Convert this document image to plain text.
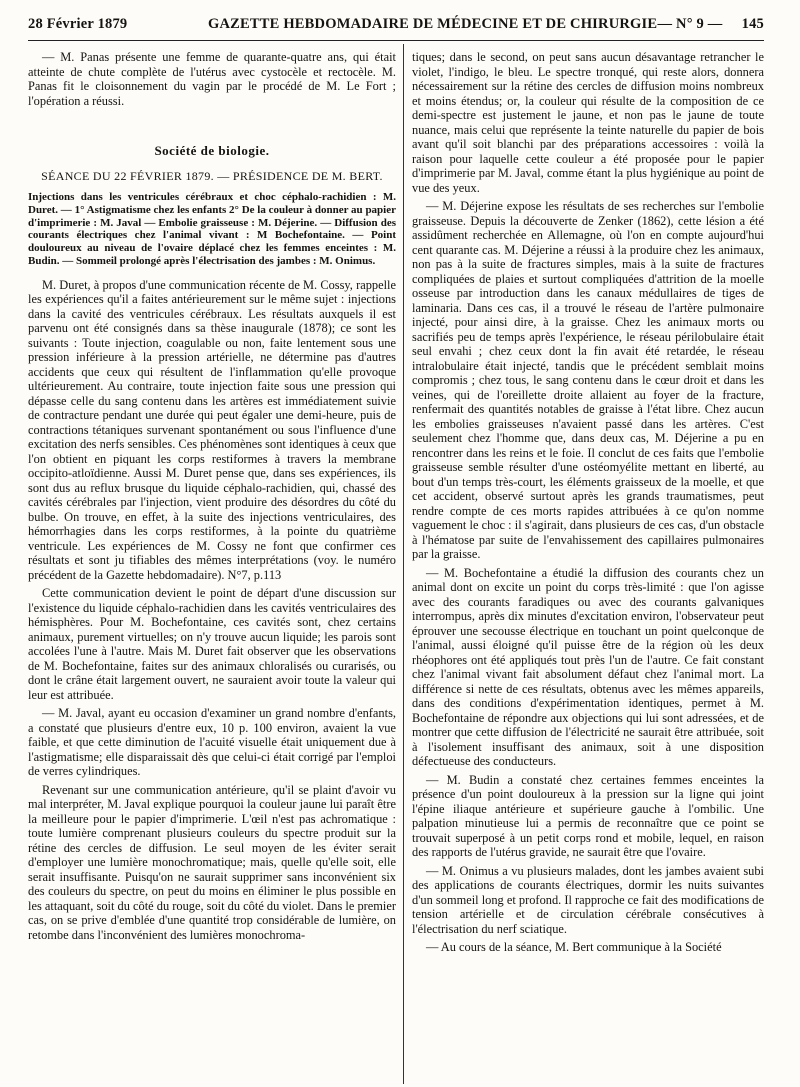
28 Février 1879	GAZETTE HEBDOMADAIRE DE MÉDECINE ET DE CHIRURGIE — N° 9 — 145

— M. Panas présente une femme de quarante-quatre ans, qui était atteinte de chute complète de l'utérus avec cystocèle et rectocèle. M. Panas fit le cloisonnement du vagin par le procédé de M. Le Fort ; l'opération a réussi.

Société de biologie.

SÉANCE DU 22 FÉVRIER 1879. — PRÉSIDENCE DE M. BERT.

Injections dans les ventricules cérébraux et choc céphalo-rachidien : M. Duret. — 1° Astigmatisme chez les enfants 2° De la couleur à donner au papier d'imprimerie : M. Javal — Embolie graisseuse : M. Déjerine. — Diffusion des courants électriques chez l'animal vivant : M Bochefontaine. — Point douloureux au niveau de l'ovaire déplacé chez les femmes enceintes : M. Budin. — Sommeil prolongé après l'électrisation des jambes : M. Onimus.

M. Duret, à propos d'une communication récente de M. Cossy, rappelle les expériences qu'il a faites antérieurement sur le même sujet : injections dans la cavité des ventricules cérébraux. Les résultats auxquels il est parvenu ont été consignés dans sa thèse inaugurale (1878); ce sont les suivants : Toute injection, coagulable ou non, faite lentement sous une pression inférieure à la pression artérielle, ne détermine pas d'autres accidents que ceux qui résultent de l'inflammation qu'elle provoque ultérieurement. Au contraire, toute injection faite sous une pression qui dépasse celle du sang contenu dans les artères est immédiatement suivie de contracture pendant une durée qui peut égaler une demi-heure, puis de contractions tétaniques survenant spontanément ou sous l'influence d'une excitation des nerfs sensibles. Ces phénomènes sont identiques à ceux que l'on obtient en piquant les corps restiformes à travers la membrane occipito-atloïdienne. Aussi M. Duret pense que, dans ses expériences, ils sont dus au reflux brusque du liquide céphalo-rachidien, qui, chassé des cavités cérébrales par l'injection, vient produire des désordres du côté du bulbe. On trouve, en effet, à la suite des injections ventriculaires, des hémorrhagies dans les corps restiformes, à la pointe du quatrième ventricule. Les expériences de M. Cossy ne font que confirmer ces résultats et sont ju tifiables des mêmes interprétations (voy. le numéro précédent de la Gazette hebdomadaire). N°7, p.113

Cette communication devient le point de départ d'une discussion sur l'existence du liquide céphalo-rachidien dans les cavités ventriculaires des hémisphères. Pour M. Bochefontaine, ces cavités sont, chez certains animaux, purement virtuelles; on n'y trouve aucun liquide; les parois sont accolées l'une à l'autre. Mais M. Duret fait observer que les observations de M. Bochefontaine, faites sur des animaux chloralisés ou curarisés, ou dont le crâne était largement ouvert, ne sauraient avoir toute la valeur qui leur est attribuée.

— M. Javal, ayant eu occasion d'examiner un grand nombre d'enfants, a constaté que plusieurs d'entre eux, 10 p. 100 environ, avaient la vue faible, et que cette diminution de l'acuité visuelle était uniquement due à l'astigmatisme; elle disparaissait dès que celui-ci était corrigé par l'emploi de verres cylindriques.

Revenant sur une communication antérieure, qu'il se plaint d'avoir vu mal interpréter, M. Javal explique pourquoi la couleur jaune lui paraît être la meilleure pour le papier d'imprimerie. L'œil n'est pas achromatique : toute lumière comprenant plusieurs couleurs du spectre produit sur la rétine des cercles de diffusion. Le seul moyen de les éviter serait d'employer une lumière monochromatique; mais, quelle qu'elle soit, elle serait insuffisante. Puisqu'on ne saurait supprimer sans inconvénient six des couleurs du spectre, on peut du moins en éliminer le plus possible en les attaquant, soit du côté du rouge, soit du côté du violet. Dans le premier cas, on se prive d'emblée d'une quantité trop considérable de lumière, on retombe dans l'inconvénient des lumières monochroma-

tiques; dans le second, on peut sans aucun désavantage retrancher le violet, l'indigo, le bleu. Le spectre tronqué, qui reste alors, donnera nécessairement sur la rétine des cercles de diffusion moins nombreux et moins étendus; or, la couleur qui résulte de la composition de ce demi-spectre est justement le jaune, et non pas le jaune de toute nuance, mais celui que représente la teinte naturelle du papier de bois avant qu'il soit blanchi par des préparations accessoires : voilà la raison pour laquelle cette couleur a été proposée pour le papier d'imprimerie par M. Javal, comme étant la plus hygiénique au point de vue des yeux.

— M. Déjerine expose les résultats de ses recherches sur l'embolie graisseuse. Depuis la découverte de Zenker (1862), cette lésion a été assidûment recherchée en Allemagne, où l'on en compte aujourd'hui cent quarante cas. M. Déjerine a réussi à la produire chez les animaux, non pas à la suite de fractures simples, mais à la suite de fractures compliquées de plaies et surtout compliquées d'attrition de la moelle osseuse par introduction dans les canaux médullaires de tiges de laminaria. Dans ces cas, il a trouvé le réseau de l'artère pulmonaire injecté, pour ainsi dire, à la graisse. Chez les animaux morts ou sacrifiés peu de temps après l'expérience, le réseau périlobulaire était seul envahi ; chez ceux dont la fin avait été retardée, le réseau intralobulaire était injecté, tandis que le précédent semblait moins compromis ; chez tous, le sang contenu dans le cœur droit et dans les veines, qui de l'oreillette droite allaient au foyer de la fracture, renfermait des quantités notables de graisse à l'état libre. Chez aucun les embolies graisseuses n'avaient passé dans les artères. C'est seulement chez l'homme que, dans deux cas, M. Déjerine a pu en rencontrer dans les reins et le foie. Il conclut de ces faits que l'embolie graisseuse semble résulter d'une ostéomyélite mettant en liberté, au bout d'un temps très-court, les éléments graisseux de la moelle, et que cet accident, observé surtout après les grands traumatismes, peut rendre compte de ces morts rapides attribuées à ce qu'on nomme vaguement le choc : il s'agirait, dans plusieurs de ces cas, d'un obstacle à l'hématose par suite de l'envahissement des capillaires pulmonaires par la graisse.

— M. Bochefontaine a étudié la diffusion des courants chez un animal dont on excite un point du corps très-limité : que l'on agisse avec des courants faradiques ou avec des courants galvaniques interrompus, après dix minutes d'excitation environ, l'observateur peut éprouver une secousse électrique en touchant un point quelconque de l'animal, aussi éloigné qu'il puisse être de la région où les deux rhéophores ont été appliqués tout près l'un de l'autre. Ce fait constant chez l'animal vivant fait absolument défaut chez l'animal mort. La différence si nette de ces résultats, obtenus avec les mêmes appareils, dans des conditions d'expérimentation identiques, permet à M. Bochefontaine de répondre aux objections qui lui sont adressées, et de montrer que cette diffusion de l'électricité ne saurait être attribuée, soit à l'isolement insuffisant des animaux, soit à une disposition défectueuse des conducteurs.

— M. Budin a constaté chez certaines femmes enceintes la présence d'un point douloureux à la pression sur la ligne qui joint l'épine iliaque antérieure et supérieure gauche à l'ombilic. Une palpation minutieuse lui a permis de reconnaître que ce point se trouvait superposé à un petit corps rond et mobile, lequel, en raison des rapports de l'utérus gravide, ne saurait être que l'ovaire.

— M. Onimus a vu plusieurs malades, dont les jambes avaient subi des applications de courants électriques, dormir les nuits suivantes d'un sommeil long et profond. Il rapproche ce fait des modifications de tension artérielle et de circulation cérébrale consécutives à l'électrisation du nerf sciatique.

— Au cours de la séance, M. Bert communique à la Société
